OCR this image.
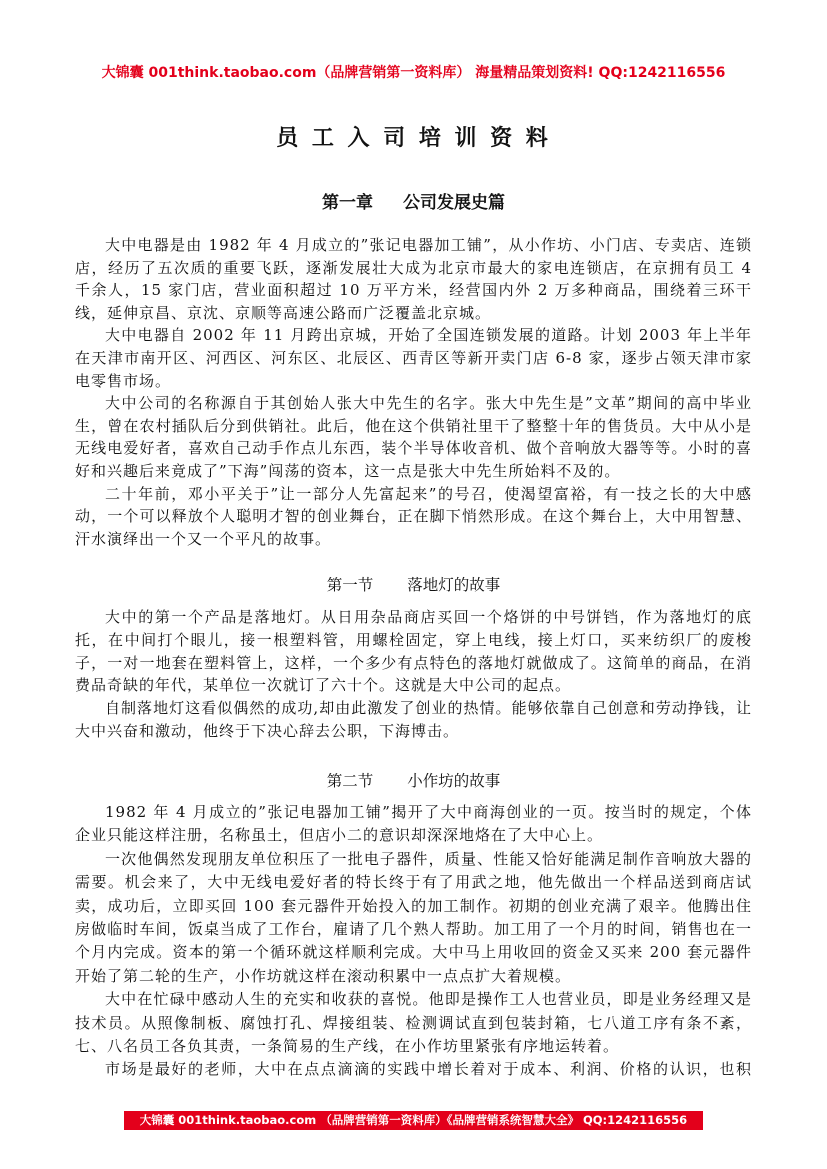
大锦囊 001think.taobao.com（品牌营销第一资料库） 海量精品策划资料! QQ:1242116556
员 工 入 司 培 训 资 料
第一章 公司发展史篇

大中电器是由 1982 年 4 月成立的”张记电器加工铺”，从小作坊、小门店、专卖店、连锁店，经历了五次质的重要飞跃，逐渐发展壮大成为北京市最大的家电连锁店，在京拥有员工 4 千余人，15 家门店，营业面积超过 10 万平方米，经营国内外 2 万多种商品，围绕着三环干线，延伸京昌、京沈、京顺等高速公路而广泛覆盖北京城。

大中电器自 2002 年 11 月跨出京城，开始了全国连锁发展的道路。计划 2003 年上半年在天津市南开区、河西区、河东区、北辰区、西青区等新开卖门店 6-8 家，逐步占领天津市家电零售市场。

大中公司的名称源自于其创始人张大中先生的名字。张大中先生是”文革”期间的高中毕业生，曾在农村插队后分到供销社。此后，他在这个供销社里干了整整十年的售货员。大中从小是无线电爱好者，喜欢自己动手作点儿东西，装个半导体收音机、做个音响放大器等等。小时的喜好和兴趣后来竟成了”下海”闯荡的资本，这一点是张大中先生所始料不及的。

二十年前，邓小平关于”让一部分人先富起来”的号召，使渴望富裕，有一技之长的大中感动，一个可以释放个人聪明才智的创业舞台，正在脚下悄然形成。在这个舞台上，大中用智慧、汗水演绎出一个又一个平凡的故事。

第一节 落地灯的故事

大中的第一个产品是落地灯。从日用杂品商店买回一个烙饼的中号饼铛，作为落地灯的底托，在中间打个眼儿，接一根塑料管，用螺栓固定，穿上电线，接上灯口，买来纺织厂的废梭子，一对一地套在塑料管上，这样，一个多少有点特色的落地灯就做成了。这简单的商品，在消费品奇缺的年代，某单位一次就订了六十个。这就是大中公司的起点。

自制落地灯这看似偶然的成功,却由此激发了创业的热情。能够依靠自己创意和劳动挣钱，让大中兴奋和激动，他终于下决心辞去公职，下海博击。

第二节 小作坊的故事

1982 年 4 月成立的”张记电器加工铺”揭开了大中商海创业的一页。按当时的规定，个体企业只能这样注册，名称虽土，但店小二的意识却深深地烙在了大中心上。

一次他偶然发现朋友单位积压了一批电子器件，质量、性能又恰好能满足制作音响放大器的需要。机会来了，大中无线电爱好者的特长终于有了用武之地，他先做出一个样品送到商店试卖，成功后，立即买回 100 套元器件开始投入的加工制作。初期的创业充满了艰辛。他腾出住房做临时车间，饭桌当成了工作台，雇请了几个熟人帮助。加工用了一个月的时间，销售也在一个月内完成。资本的第一个循环就这样顺利完成。大中马上用收回的资金又买来 200 套元器件开始了第二轮的生产，小作坊就这样在滚动积累中一点点扩大着规模。

大中在忙碌中感动人生的充实和收获的喜悦。他即是操作工人也营业员，即是业务经理又是技术员。从照像制板、腐蚀打孔、焊接组装、检测调试直到包装封箱，七八道工序有条不紊，七、八名员工各负其责，一条简易的生产线，在小作坊里紧张有序地运转着。

市场是最好的老师，大中在点点滴滴的实践中增长着对于成本、利润、价格的认识，也积

大锦囊 001think.taobao.com （品牌营销第一资料库）《品牌营销系统智慧大全》 QQ:1242116556
